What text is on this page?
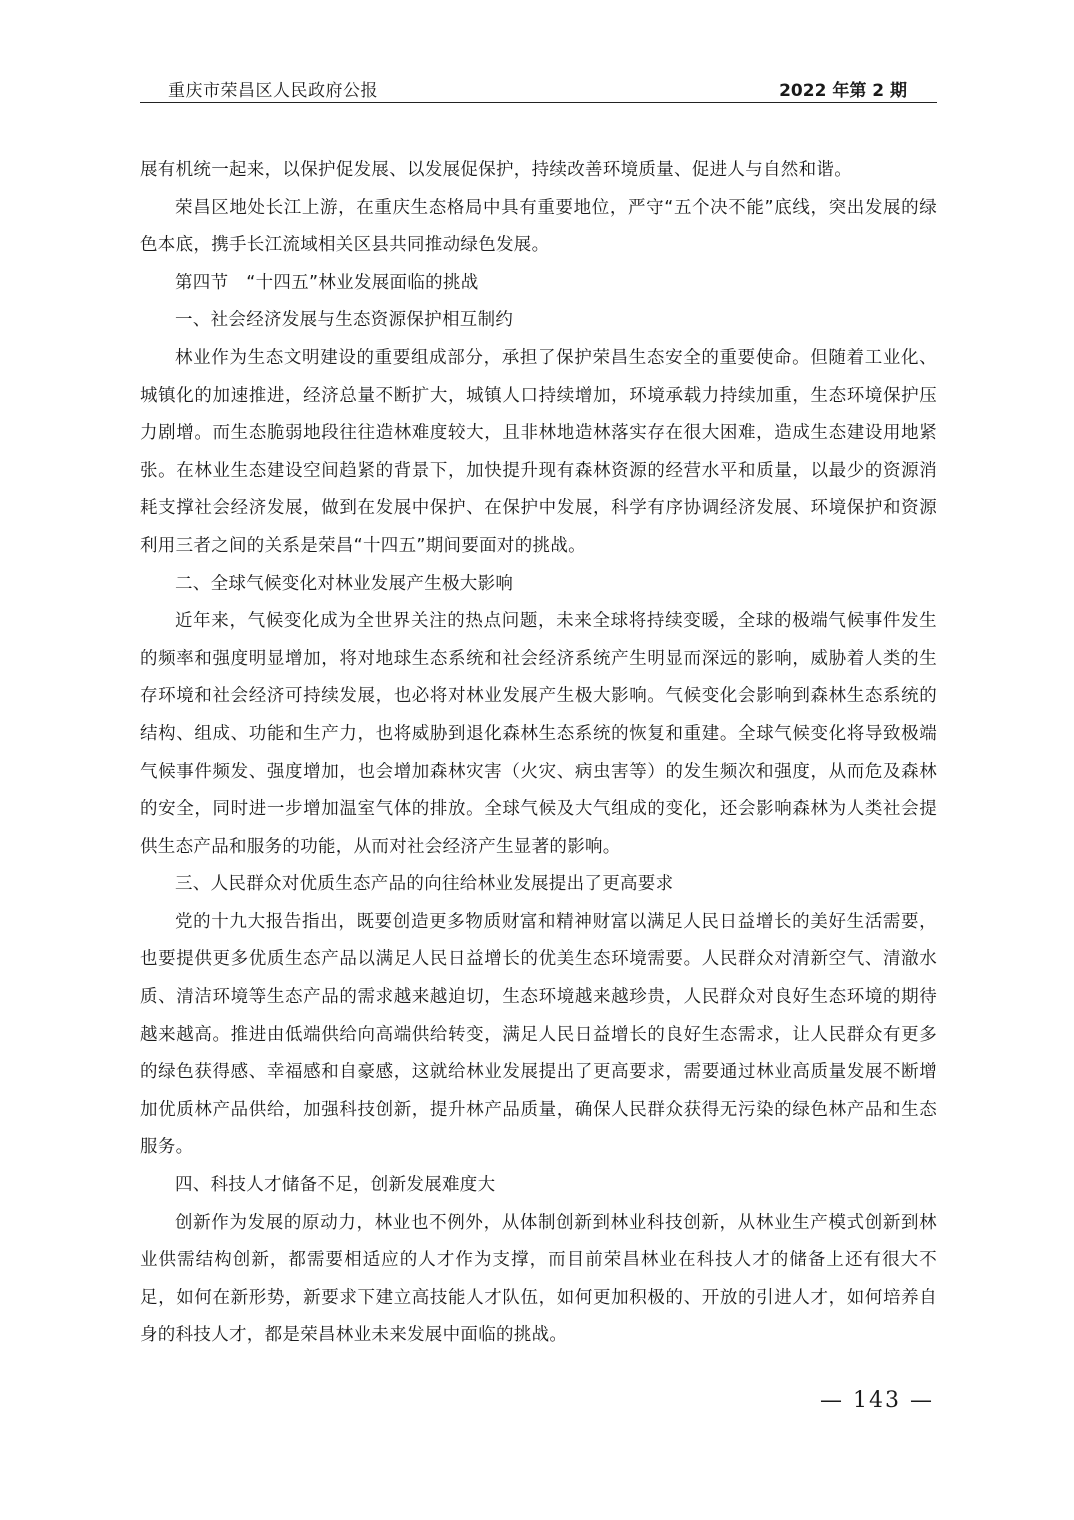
重庆市荣昌区人民政府公报	2022 年第 2 期

展有机统一起来，以保护促发展、以发展促保护，持续改善环境质量、促进人与自然和谐。

荣昌区地处长江上游，在重庆生态格局中具有重要地位，严守“五个决不能”底线，突出发展的绿色本底，携手长江流域相关区县共同推动绿色发展。

第四节　“十四五”林业发展面临的挑战

一、社会经济发展与生态资源保护相互制约

林业作为生态文明建设的重要组成部分，承担了保护荣昌生态安全的重要使命。但随着工业化、城镇化的加速推进，经济总量不断扩大，城镇人口持续增加，环境承载力持续加重，生态环境保护压力剧增。而生态脆弱地段往往造林难度较大，且非林地造林落实存在很大困难，造成生态建设用地紧张。在林业生态建设空间趋紧的背景下，加快提升现有森林资源的经营水平和质量，以最少的资源消耗支撑社会经济发展，做到在发展中保护、在保护中发展，科学有序协调经济发展、环境保护和资源利用三者之间的关系是荣昌“十四五”期间要面对的挑战。

二、全球气候变化对林业发展产生极大影响

近年来，气候变化成为全世界关注的热点问题，未来全球将持续变暖，全球的极端气候事件发生的频率和强度明显增加，将对地球生态系统和社会经济系统产生明显而深远的影响，威胁着人类的生存环境和社会经济可持续发展，也必将对林业发展产生极大影响。气候变化会影响到森林生态系统的结构、组成、功能和生产力，也将威胁到退化森林生态系统的恢复和重建。全球气候变化将导致极端气候事件频发、强度增加，也会增加森林灾害（火灾、病虫害等）的发生频次和强度，从而危及森林的安全，同时进一步增加温室气体的排放。全球气候及大气组成的变化，还会影响森林为人类社会提供生态产品和服务的功能，从而对社会经济产生显著的影响。

三、人民群众对优质生态产品的向往给林业发展提出了更高要求

党的十九大报告指出，既要创造更多物质财富和精神财富以满足人民日益增长的美好生活需要，也要提供更多优质生态产品以满足人民日益增长的优美生态环境需要。人民群众对清新空气、清澈水质、清洁环境等生态产品的需求越来越迫切，生态环境越来越珍贵，人民群众对良好生态环境的期待越来越高。推进由低端供给向高端供给转变，满足人民日益增长的良好生态需求，让人民群众有更多的绿色获得感、幸福感和自豪感，这就给林业发展提出了更高要求，需要通过林业高质量发展不断增加优质林产品供给，加强科技创新，提升林产品质量，确保人民群众获得无污染的绿色林产品和生态服务。

四、科技人才储备不足，创新发展难度大

创新作为发展的原动力，林业也不例外，从体制创新到林业科技创新，从林业生产模式创新到林业供需结构创新，都需要相适应的人才作为支撑，而目前荣昌林业在科技人才的储备上还有很大不足，如何在新形势，新要求下建立高技能人才队伍，如何更加积极的、开放的引进人才，如何培养自身的科技人才，都是荣昌林业未来发展中面临的挑战。

— 143 —
